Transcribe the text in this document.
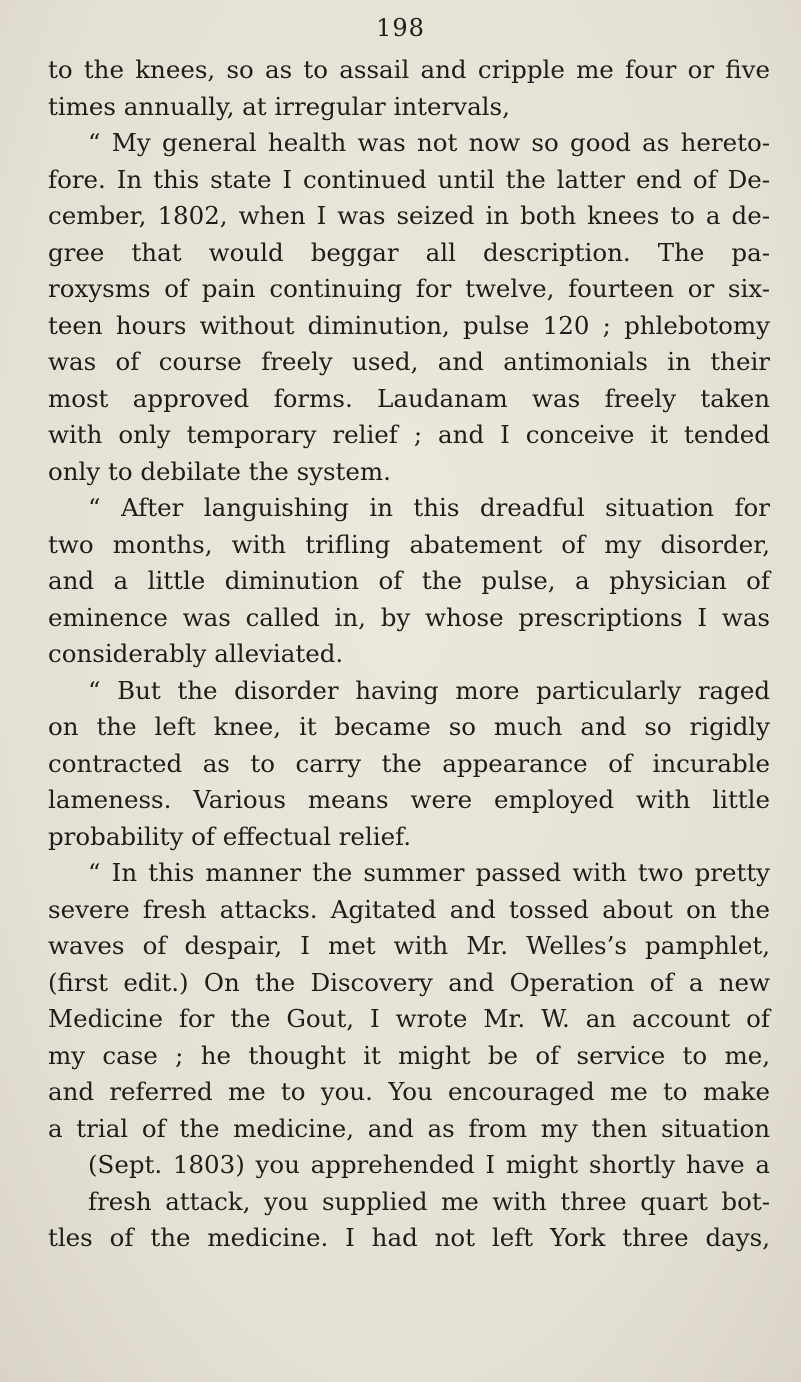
198
to the knees, so as to assail and cripple me four or five
times annually, at irregular intervals,
“ My general health was not now so good as hereto-
fore. In this state I continued until the latter end of De-
cember, 1802, when I was seized in both knees to a de-
gree that would beggar all description. The pa-
roxysms of pain continuing for twelve, fourteen or six-
teen hours without diminution, pulse 120 ; phlebotomy
was of course freely used, and antimonials in their
most approved forms. Laudanam was freely taken
with only temporary relief ; and I conceive it tended
only to debilate the system.
“ After languishing in this dreadful situation for
two months, with trifling abatement of my disorder,
and a little diminution of the pulse, a physician of
eminence was called in, by whose prescriptions I was
considerably alleviated.
“ But the disorder having more particularly raged
on the left knee, it became so much and so rigidly
contracted as to carry the appearance of incurable
lameness. Various means were employed with little
probability of effectual relief.
“ In this manner the summer passed with two pretty
severe fresh attacks. Agitated and tossed about on the
waves of despair, I met with Mr. Welles’s pamphlet,
(first edit.) On the Discovery and Operation of a new
Medicine for the Gout, I wrote Mr. W. an account of
my case ; he thought it might be of service to me,
and referred me to you. You encouraged me to make
a trial of the medicine, and as from my then situation
(Sept. 1803) you apprehended I might shortly have a
fresh attack, you supplied me with three quart bot-
tles of the medicine. I had not left York three days,
